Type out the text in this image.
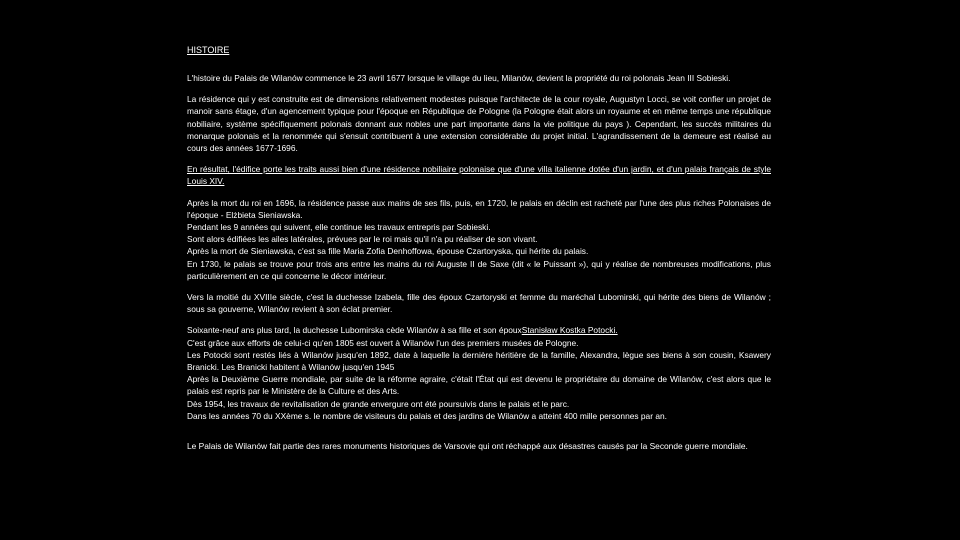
HISTOIRE

L'histoire du Palais de Wilanów commence le 23 avril 1677 lorsque le village du lieu, Milanów, devient la propriété du roi polonais Jean III Sobieski.

La résidence qui y est construite est de dimensions relativement modestes puisque l'architecte de la cour royale, Augustyn Locci, se voit confier un projet de manoir sans étage, d'un agencement typique pour l'époque en République de Pologne (la Pologne était alors un royaume et en même temps une république nobiliaire, système spécifiquement polonais donnant aux nobles une part importante dans la vie politique du pays ). Cependant, les succès militaires du monarque polonais et la renommée qui s'ensuit contribuent à une extension considérable du projet initial. L'agrandissement de la demeure est réalisé au cours des années 1677-1696.

En résultat, l'édifice porte les traits aussi bien d'une résidence nobiliaire polonaise que d'une villa italienne dotée d'un jardin, et d'un palais français de style Louis XIV.

Après la mort du roi en 1696, la résidence passe aux mains de ses fils, puis, en 1720, le palais en déclin est racheté par l'une des plus riches Polonaises de l'époque - Elżbieta Sieniawska.
Pendant les 9 années qui suivent, elle continue les travaux entrepris par Sobieski.
Sont alors édifiées les ailes latérales, prévues par le roi mais qu'il n'a pu réaliser de son vivant.
Après la mort de Sieniawska, c'est sa fille Maria Zofia Denhoffowa, épouse Czartoryska, qui hérite du palais.
En 1730, le palais se trouve pour trois ans entre les mains du roi Auguste II de Saxe (dit « le Puissant »), qui y réalise de nombreuses modifications, plus particulièrement en ce qui concerne le décor intérieur.

Vers la moitié du XVIIIe siècle, c'est la duchesse Izabela, fille des époux Czartoryski et femme du maréchal Lubomirski, qui hérite des biens de Wilanów ; sous sa gouverne, Wilanów revient à son éclat premier.

Soixante-neuf ans plus tard, la duchesse Lubomirska cède Wilanów à sa fille et son épouxStanisław Kostka Potocki.
C'est grâce aux efforts de celui-ci qu'en 1805 est ouvert à Wilanów l'un des premiers musées de Pologne.
Les Potocki sont restés liés à Wilanów jusqu'en 1892, date à laquelle la dernière héritière de la famille, Alexandra, lègue ses biens à son cousin, Ksawery Branicki. Les Branicki habitent à Wilanów jusqu'en 1945
Après la Deuxième Guerre mondiale, par suite de la réforme agraire, c'était l'État qui est devenu le propriétaire du domaine de Wilanów, c'est alors que le palais est repris par le Ministère de la Culture et des Arts.
Dès 1954, les travaux de revitalisation de grande envergure ont été poursuivis dans le palais et le parc.
Dans les années 70 du XXème s. le nombre de visiteurs du palais et des jardins de Wilanów a atteint 400 mille personnes par an.

Le Palais de Wilanów fait partie des rares monuments historiques de Varsovie qui ont réchappé aux désastres causés par la Seconde guerre mondiale.
